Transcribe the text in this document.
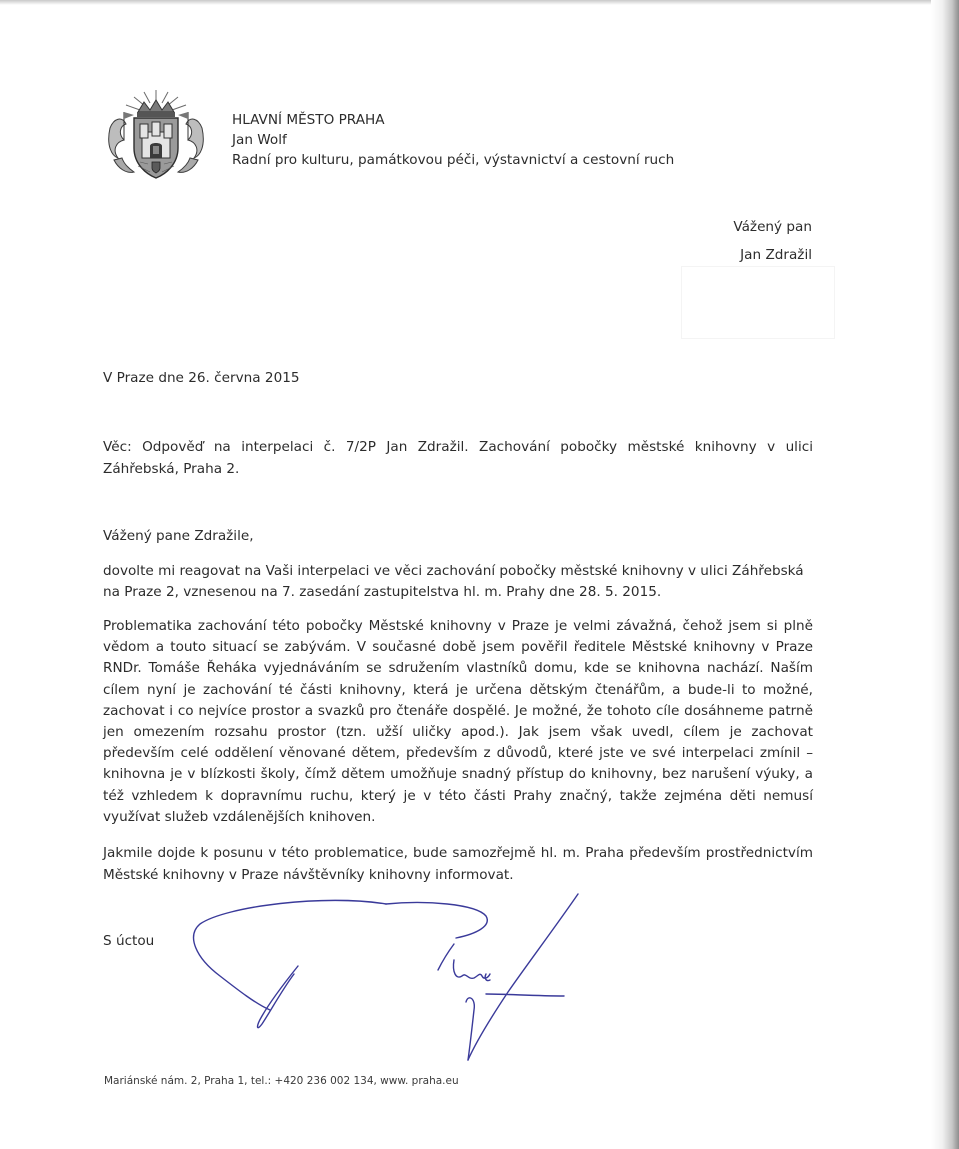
HLAVNÍ MĚSTO PRAHA
Jan Wolf
Radní pro kulturu, památkovou péči, výstavnictví a cestovní ruch
Vážený pan
Jan Zdražil
V Praze dne 26. června 2015
Věc: Odpověď na interpelaci č. 7/2P Jan Zdražil. Zachování pobočky městské knihovny v ulici Záhřebská, Praha 2.
Vážený pane Zdražile,
dovolte mi reagovat na Vaši interpelaci ve věci zachování pobočky městské knihovny v ulici Záhřebská na Praze 2, vznesenou na 7. zasedání zastupitelstva hl. m. Prahy dne 28. 5. 2015.
Problematika zachování této pobočky Městské knihovny v Praze je velmi závažná, čehož jsem si plně vědom a touto situací se zabývám. V současné době jsem pověřil ředitele Městské knihovny v Praze RNDr. Tomáše Řeháka vyjednáváním se sdružením vlastníků domu, kde se knihovna nachází. Naším cílem nyní je zachování té části knihovny, která je určena dětským čtenářům, a bude-li to možné, zachovat i co nejvíce prostor a svazků pro čtenáře dospělé. Je možné, že tohoto cíle dosáhneme patrně jen omezením rozsahu prostor (tzn. užší uličky apod.). Jak jsem však uvedl, cílem je zachovat především celé oddělení věnované dětem, především z důvodů, které jste ve své interpelaci zmínil – knihovna je v blízkosti školy, čímž dětem umožňuje snadný přístup do knihovny, bez narušení výuky, a též vzhledem k dopravnímu ruchu, který je v této části Prahy značný, takže zejména děti nemusí využívat služeb vzdálenějších knihoven.
Jakmile dojde k posunu v této problematice, bude samozřejmě hl. m. Praha především prostřednictvím Městské knihovny v Praze návštěvníky knihovny informovat.
S úctou
Mariánské nám. 2, Praha 1, tel.: +420 236 002 134, www. praha.eu
